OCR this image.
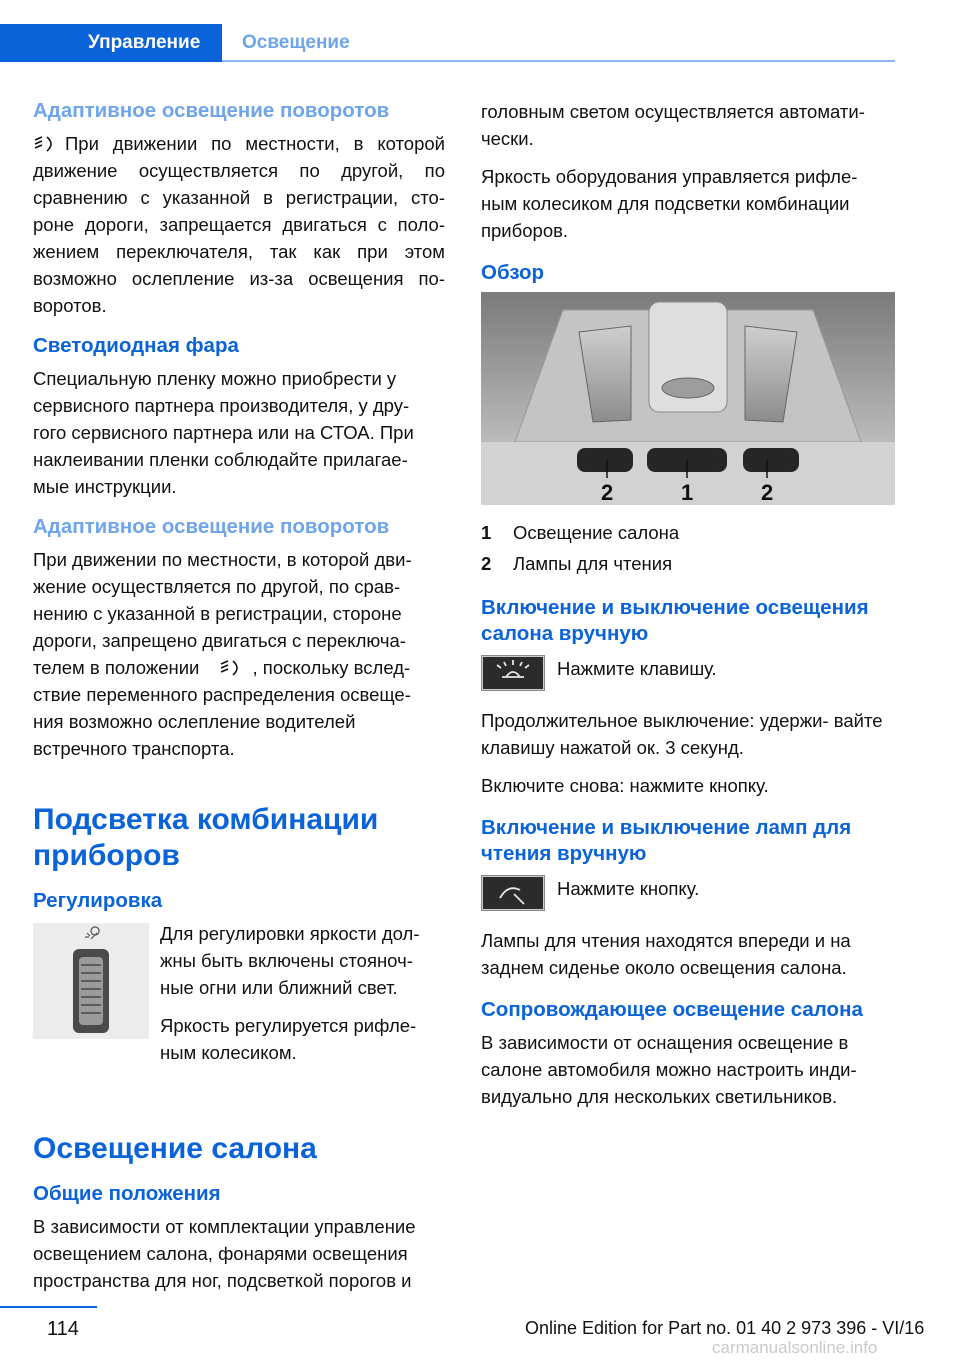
Управление	Освещение
Адаптивное освещение поворотов

При движении по местности, в которой движение осуществляется по другой, по сравнению с указанной в регистрации, сто- роне дороги, запрещается двигаться с поло- жением переключателя, так как при этом возможно ослепление из-за освещения по- воротов.

Светодиодная фара

Специальную пленку можно приобрести у сервисного партнера производителя, у дру- гого сервисного партнера или на СТОА. При наклеивании пленки соблюдайте прилагае- мые инструкции.

Адаптивное освещение поворотов

При движении по местности, в которой дви- жение осуществляется по другой, по срав- нению с указанной в регистрации, стороне дороги, запрещено двигаться с переключа- телем в положении	, поскольку вслед- ствие переменного распределения освеще- ния возможно ослепление водителей встречного транспорта.

Подсветка комбинации приборов
Регулировка

Для регулировки яркости дол- жны быть включены стояноч- ные огни или ближний свет.

Яркость регулируется рифле- ным колесиком.

Освещение салона
Общие положения

В зависимости от комплектации управление освещением салона, фонарями освещения пространства для ног, подсветкой порогов и

головным светом осуществляется автомати- чески.

Яркость оборудования управляется рифле- ным колесиком для подсветки комбинации приборов.

Обзор
2	1	2
1	Освещение салона
2	Лампы для чтения
Включение и выключение освещения салона вручную

Нажмите клавишу.

Продолжительное выключение: удержи- вайте клавишу нажатой ок. 3 секунд.

Включите снова: нажмите кнопку.

Включение и выключение ламп для чтения вручную

Нажмите кнопку.

Лампы для чтения находятся впереди и на заднем сиденье около освещения салона.

Сопровождающее освещение салона

В зависимости от оснащения освещение в салоне автомобиля можно настроить инди- видуально для нескольких светильников.

114	Online Edition for Part no. 01 40 2 973 396 - VI/16
carmanualsonline.info
